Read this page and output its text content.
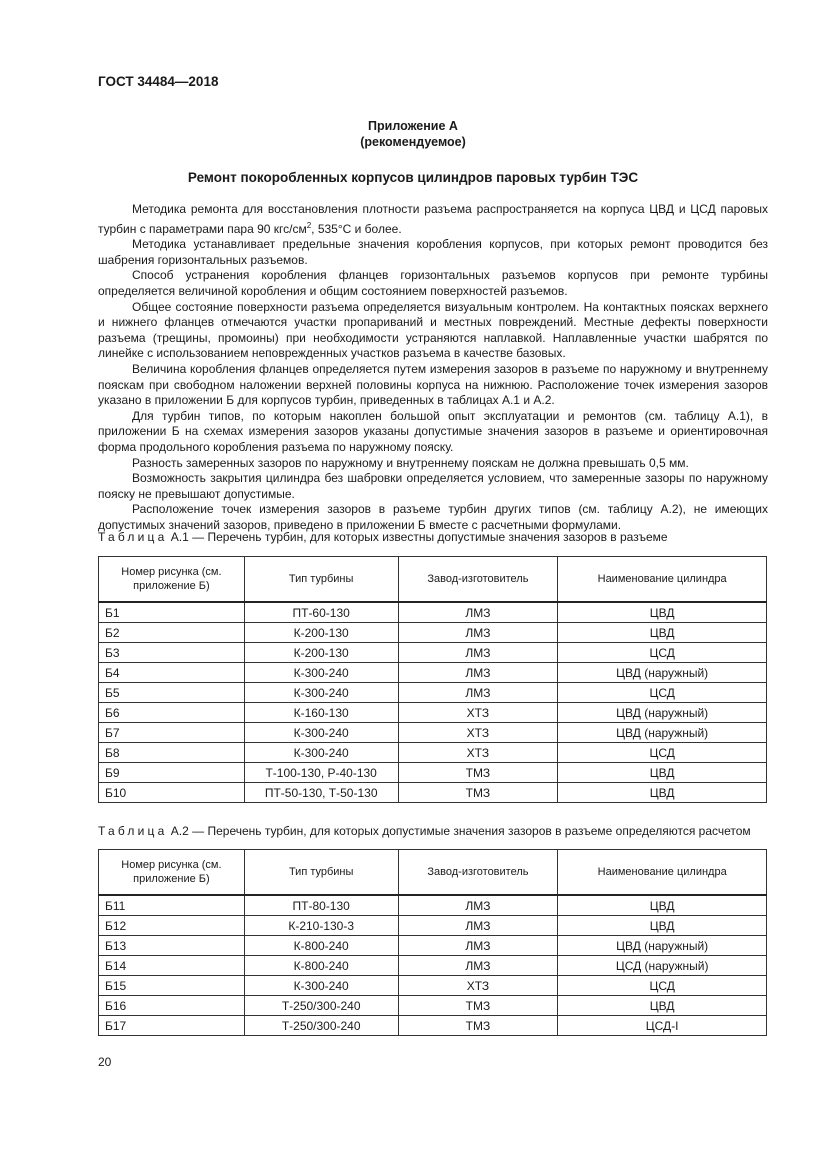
ГОСТ 34484—2018
Приложение А
(рекомендуемое)
Ремонт покоробленных корпусов цилиндров паровых турбин ТЭС

Методика ремонта для восстановления плотности разъема распространяется на корпуса ЦВД и ЦСД паровых турбин с параметрами пара 90 кгс/$см^2$, 535°С и более.

Методика устанавливает предельные значения коробления корпусов, при которых ремонт проводится без шабрения горизонтальных разъемов.

Способ устранения коробления фланцев горизонтальных разъемов корпусов при ремонте турбины определяется величиной коробления и общим состоянием поверхностей разъемов.

Общее состояние поверхности разъема определяется визуальным контролем. На контактных поясках верхнего и нижнего фланцев отмечаются участки пропариваний и местных повреждений. Местные дефекты поверхности разъема (трещины, промоины) при необходимости устраняются наплавкой. Наплавленные участки шабрятся по линейке с использованием неповрежденных участков разъема в качестве базовых.

Величина коробления фланцев определяется путем измерения зазоров в разъеме по наружному и внутреннему пояскам при свободном наложении верхней половины корпуса на нижнюю. Расположение точек измерения зазоров указано в приложении Б для корпусов турбин, приведенных в таблицах А.1 и А.2.

Для турбин типов, по которым накоплен большой опыт эксплуатации и ремонтов (см. таблицу А.1), в приложении Б на схемах измерения зазоров указаны допустимые значения зазоров в разъеме и ориентировочная форма продольного коробления разъема по наружному пояску.

Разность замеренных зазоров по наружному и внутреннему пояскам не должна превышать 0,5 мм.

Возможность закрытия цилиндра без шабровки определяется условием, что замеренные зазоры по наружному пояску не превышают допустимые.

Расположение точек измерения зазоров в разъеме турбин других типов (см. таблицу А.2), не имеющих допустимых значений зазоров, приведено в приложении Б вместе с расчетными формулами.

Таблица А.1 — Перечень турбин, для которых известны допустимые значения зазоров в разъеме
Номер рисунка (см. приложение Б)	Тип турбины	Завод-изготовитель	Наименование цилиндра
Б1	ПТ-60-130	ЛМЗ	ЦВД
Б2	К-200-130	ЛМЗ	ЦВД
Б3	К-200-130	ЛМЗ	ЦСД
Б4	К-300-240	ЛМЗ	ЦВД (наружный)
Б5	К-300-240	ЛМЗ	ЦСД
Б6	К-160-130	ХТЗ	ЦВД (наружный)
Б7	К-300-240	ХТЗ	ЦВД (наружный)
Б8	К-300-240	ХТЗ	ЦСД
Б9	Т-100-130, Р-40-130	ТМЗ	ЦВД
Б10	ПТ-50-130, Т-50-130	ТМЗ	ЦВД
Таблица А.2 — Перечень турбин, для которых допустимые значения зазоров в разъеме определяются расчетом
Номер рисунка (см. приложение Б)	Тип турбины	Завод-изготовитель	Наименование цилиндра
Б11	ПТ-80-130	ЛМЗ	ЦВД
Б12	К-210-130-3	ЛМЗ	ЦВД
Б13	К-800-240	ЛМЗ	ЦВД (наружный)
Б14	К-800-240	ЛМЗ	ЦСД (наружный)
Б15	К-300-240	ХТЗ	ЦСД
Б16	Т-250/300-240	ТМЗ	ЦВД
Б17	Т-250/300-240	ТМЗ	ЦСД-I
20
